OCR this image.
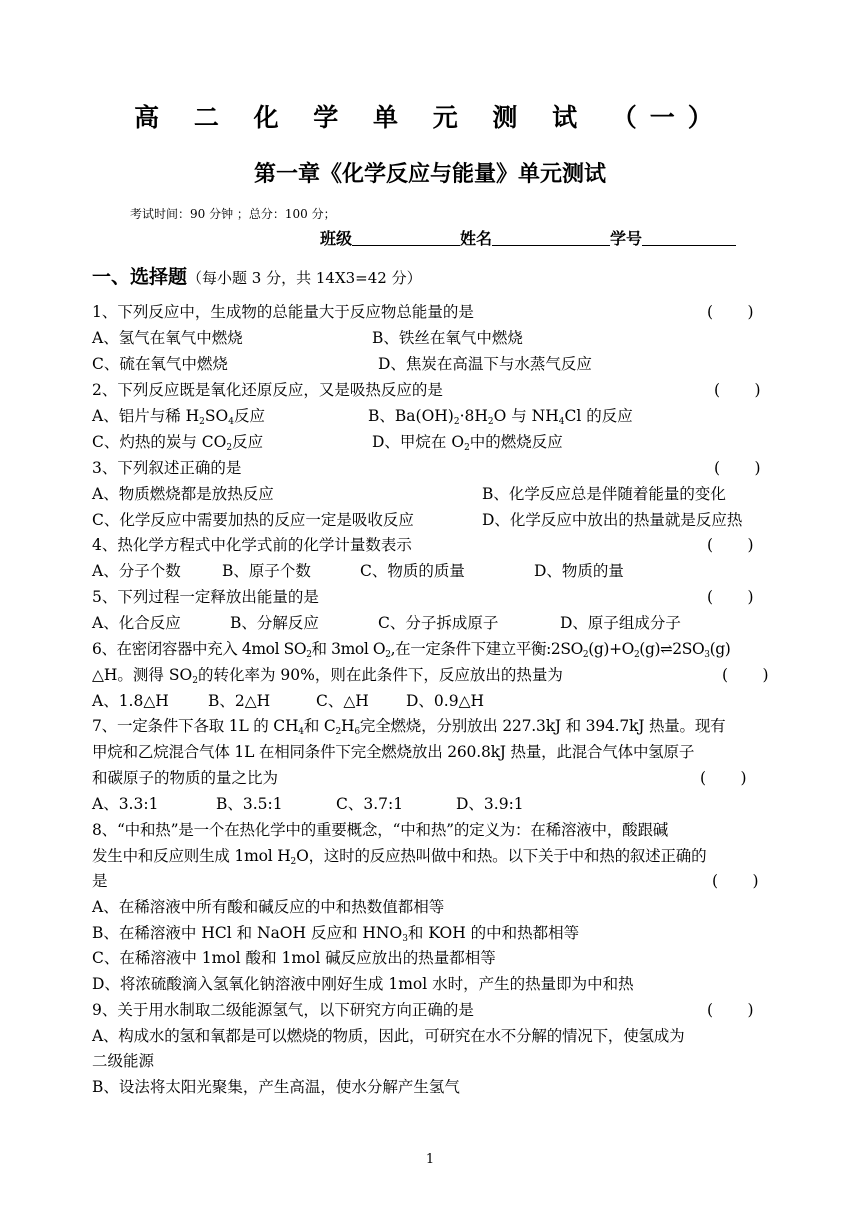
高 二 化 学 单 元 测 试 （一）
第一章《化学反应与能量》单元测试
考试时间：90 分钟 ；总分：100 分；
班级	姓名	学号
一、选择题（每小题 3 分，共 14X3=42 分）
1、下列反应中，生成物的总能量大于反应物总能量的是	(       )
A、氢气在氧气中燃烧	B、铁丝在氧气中燃烧
C、硫在氧气中燃烧	D、焦炭在高温下与水蒸气反应
2、下列反应既是氧化还原反应，又是吸热反应的是	(       )
A、铝片与稀 $H_2SO_4$反应	B、$Ba(OH)_2\cdot 8H_2O$ 与 $NH_4Cl$ 的反应
C、灼热的炭与 $CO_2$反应	D、甲烷在 $O_2$中的燃烧反应
3、下列叙述正确的是	(       )
A、物质燃烧都是放热反应	B、化学反应总是伴随着能量的变化
C、化学反应中需要加热的反应一定是吸收反应	D、化学反应中放出的热量就是反应热
4、热化学方程式中化学式前的化学计量数表示	(       )
A、分子个数	B、原子个数	C、物质的质量	D、物质的量
5、下列过程一定释放出能量的是	(       )
A、化合反应	B、分解反应	C、分子拆成原子	D、原子组成分子
6、在密闭容器中充入 4mol $SO_2$和 3mol $O_2$,在一定条件下建立平衡$:2SO_2(g)+O_2(g)\rightleftharpoons 2SO_3(g)$
△H。测得 $SO_2$的转化率为 90%，则在此条件下，反应放出的热量为	(       )
A、1.8△H	B、2△H	C、△H D、0.9△H
7、一定条件下各取 1L 的 $CH_4$和 $C_2H_6$完全燃烧，分别放出 227.3kJ 和 394.7kJ 热量。现有
甲烷和乙烷混合气体 1L 在相同条件下完全燃烧放出 260.8kJ 热量，此混合气体中氢原子
和碳原子的物质的量之比为	(       )
A、3.3:1	B、3.5:1	C、3.7:1	D、3.9:1
8、“中和热”是一个在热化学中的重要概念，“中和热”的定义为：在稀溶液中，酸跟碱
发生中和反应则生成 1mol $H_2O$，这时的反应热叫做中和热。以下关于中和热的叙述正确的
是	(       )
A、在稀溶液中所有酸和碱反应的中和热数值都相等
B、在稀溶液中 HCl 和 NaOH 反应和 $HNO_3$和 KOH 的中和热都相等
C、在稀溶液中 1mol 酸和 1mol 碱反应放出的热量都相等
D、将浓硫酸滴入氢氧化钠溶液中刚好生成 1mol 水时，产生的热量即为中和热
9、关于用水制取二级能源氢气，以下研究方向正确的是	(       )
A、构成水的氢和氧都是可以燃烧的物质，因此，可研究在水不分解的情况下，使氢成为
二级能源
B、设法将太阳光聚集，产生高温，使水分解产生氢气
1
